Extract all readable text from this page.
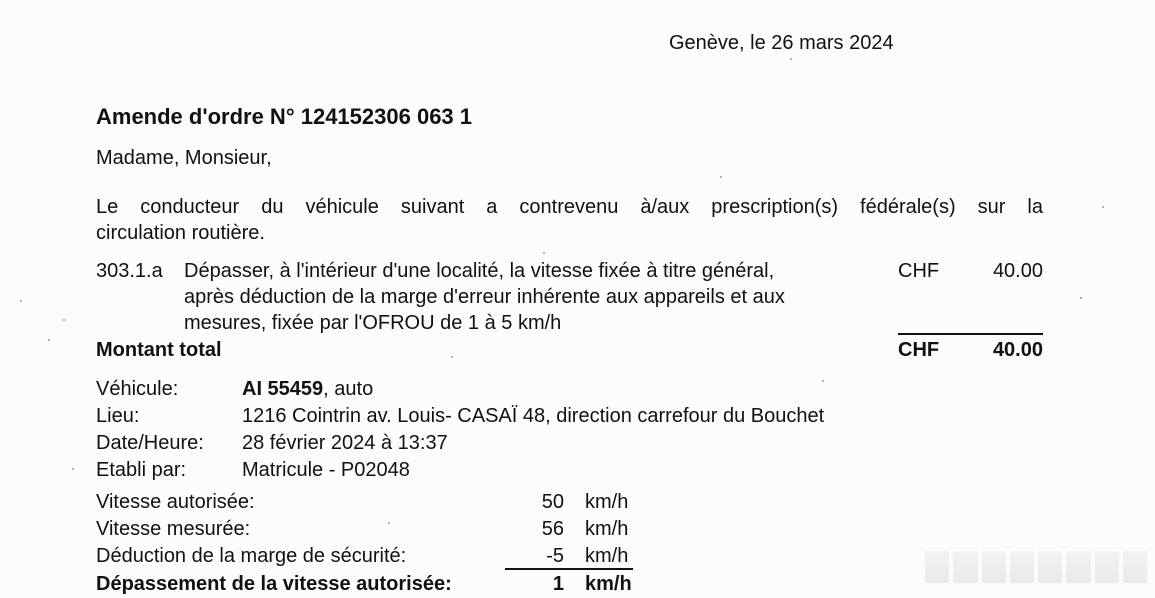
Genève, le 26 mars 2024
Amende d'ordre N° 124152306 063 1
Madame, Monsieur,
Le conducteur du véhicule suivant a contrevenu à/aux prescription(s) fédérale(s) sur la
circulation routière.
303.1.a Dépasser, à l'intérieur d'une localité, la vitesse fixée à titre général,
après déduction de la marge d'erreur inhérente aux appareils et aux
mesures, fixée par l'OFROU de 1 à 5 km/h
CHF	40.00
Montant total	CHF	40.00
Véhicule:	AI 55459, auto
Lieu:	1216 Cointrin av. Louis- CASAÏ 48, direction carrefour du Bouchet
Date/Heure: 28 février 2024 à 13:37
Etabli par:	Matricule - P02048
Vitesse autorisée:	50 km/h
Vitesse mesurée:	56 km/h
Déduction de la marge de sécurité:	-5 km/h
Dépassement de la vitesse autorisée:	1 km/h
